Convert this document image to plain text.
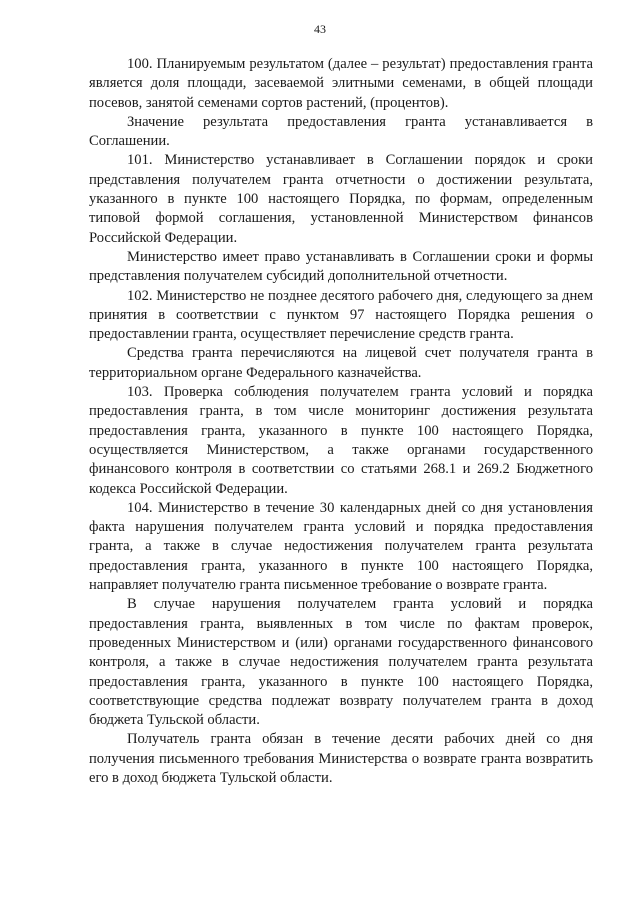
43

100. Планируемым результатом (далее – результат) предоставления гранта является доля площади, засеваемой элитными семенами, в общей площади посевов, занятой семенами сортов растений, (процентов).

Значение результата предоставления гранта устанавливается в Соглашении.

101. Министерство устанавливает в Соглашении порядок и сроки представления получателем гранта отчетности о достижении результата, указанного в пункте 100 настоящего Порядка, по формам, определенным типовой формой соглашения, установленной Министерством финансов Российской Федерации.

Министерство имеет право устанавливать в Соглашении сроки и формы представления получателем субсидий дополнительной отчетности.

102. Министерство не позднее десятого рабочего дня, следующего за днем принятия в соответствии с пунктом 97 настоящего Порядка решения о предоставлении гранта, осуществляет перечисление средств гранта.

Средства гранта перечисляются на лицевой счет получателя гранта в территориальном органе Федерального казначейства.

103. Проверка соблюдения получателем гранта условий и порядка предоставления гранта, в том числе мониторинг достижения результата предоставления гранта, указанного в пункте 100 настоящего Порядка, осуществляется Министерством, а также органами государственного финансового контроля в соответствии со статьями 268.1 и 269.2 Бюджетного кодекса Российской Федерации.

104. Министерство в течение 30 календарных дней со дня установления факта нарушения получателем гранта условий и порядка предоставления гранта, а также в случае недостижения получателем гранта результата предоставления гранта, указанного в пункте 100 настоящего Порядка, направляет получателю гранта письменное требование о возврате гранта.

В случае нарушения получателем гранта условий и порядка предоставления гранта, выявленных в том числе по фактам проверок, проведенных Министерством и (или) органами государственного финансового контроля, а также в случае недостижения получателем гранта результата предоставления гранта, указанного в пункте 100 настоящего Порядка, соответствующие средства подлежат возврату получателем гранта в доход бюджета Тульской области.

Получатель гранта обязан в течение десяти рабочих дней со дня получения письменного требования Министерства о возврате гранта возвратить его в доход бюджета Тульской области.
